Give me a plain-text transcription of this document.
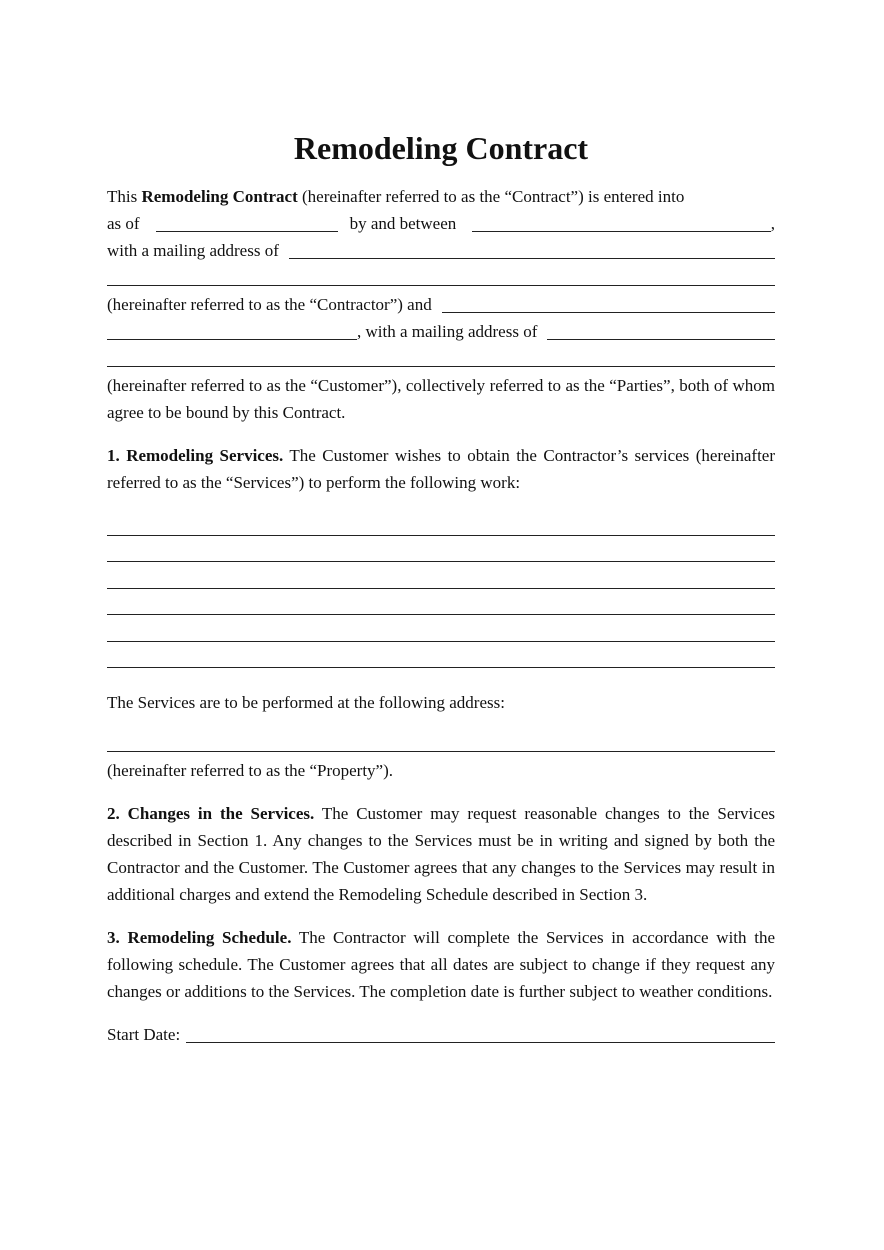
Remodeling Contract
This Remodeling Contract (hereinafter referred to as the “Contract”) is entered into
as of	by and between	,
with a mailing address of
(hereinafter referred to as the “Contractor”) and
, with a mailing address of

(hereinafter referred to as the “Customer”), collectively referred to as the “Parties”, both of whom agree to be bound by this Contract.

1. Remodeling Services. The Customer wishes to obtain the Contractor’s services (hereinafter referred to as the “Services”) to perform the following work:

The Services are to be performed at the following address:

(hereinafter referred to as the “Property”).

2. Changes in the Services. The Customer may request reasonable changes to the Services described in Section 1. Any changes to the Services must be in writing and signed by both the Contractor and the Customer. The Customer agrees that any changes to the Services may result in additional charges and extend the Remodeling Schedule described in Section 3.

3. Remodeling Schedule. The Contractor will complete the Services in accordance with the following schedule. The Customer agrees that all dates are subject to change if they request any changes or additions to the Services. The completion date is further subject to weather conditions.

Start Date:
